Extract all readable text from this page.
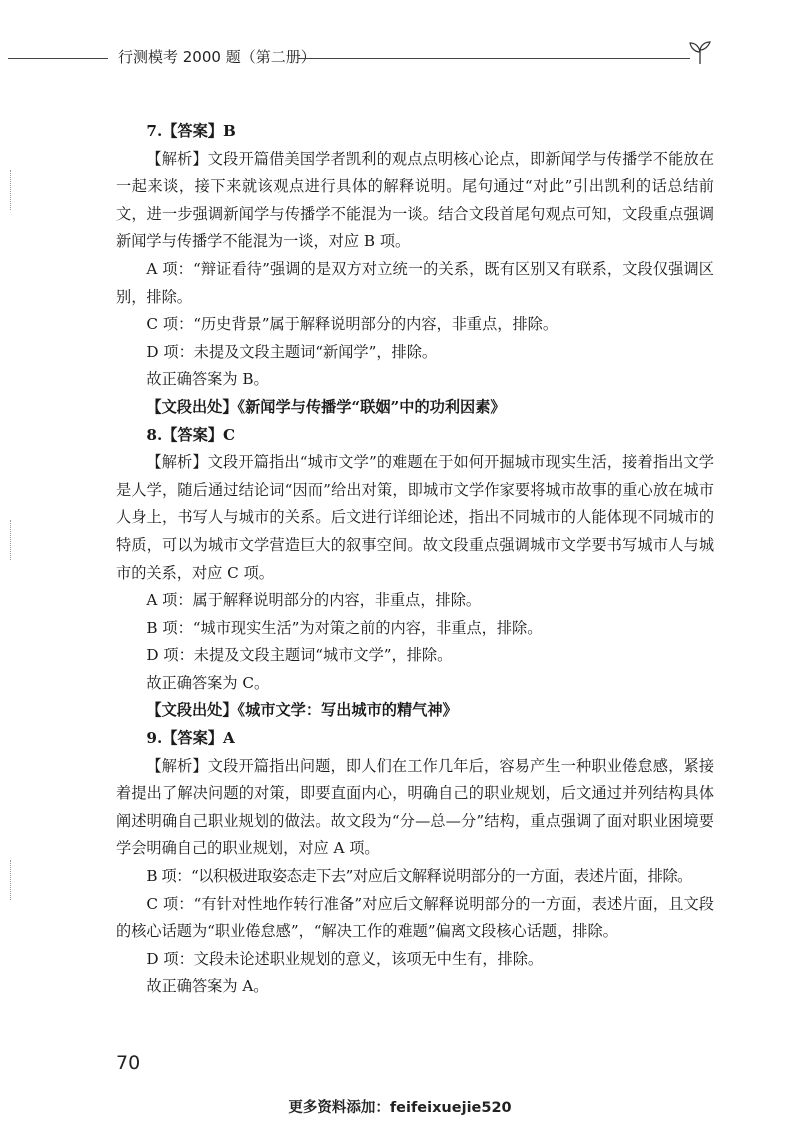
行测模考 2000 题（第二册）

7.【答案】B

【解析】文段开篇借美国学者凯利的观点点明核心论点，即新闻学与传播学不能放在一起来谈，接下来就该观点进行具体的解释说明。尾句通过“对此”引出凯利的话总结前文，进一步强调新闻学与传播学不能混为一谈。结合文段首尾句观点可知，文段重点强调新闻学与传播学不能混为一谈，对应 B 项。

A 项：“辩证看待”强调的是双方对立统一的关系，既有区别又有联系，文段仅强调区别，排除。

C 项：“历史背景”属于解释说明部分的内容，非重点，排除。

D 项：未提及文段主题词“新闻学”，排除。

故正确答案为 B。

【文段出处】《新闻学与传播学“联姻”中的功利因素》

8.【答案】C

【解析】文段开篇指出“城市文学”的难题在于如何开掘城市现实生活，接着指出文学是人学，随后通过结论词“因而”给出对策，即城市文学作家要将城市故事的重心放在城市人身上，书写人与城市的关系。后文进行详细论述，指出不同城市的人能体现不同城市的特质，可以为城市文学营造巨大的叙事空间。故文段重点强调城市文学要书写城市人与城市的关系，对应 C 项。

A 项：属于解释说明部分的内容，非重点，排除。

B 项：“城市现实生活”为对策之前的内容，非重点，排除。

D 项：未提及文段主题词“城市文学”，排除。

故正确答案为 C。

【文段出处】《城市文学：写出城市的精气神》

9.【答案】A

【解析】文段开篇指出问题，即人们在工作几年后，容易产生一种职业倦怠感，紧接着提出了解决问题的对策，即要直面内心，明确自己的职业规划，后文通过并列结构具体阐述明确自己职业规划的做法。故文段为“分—总—分”结构，重点强调了面对职业困境要学会明确自己的职业规划，对应 A 项。

B 项：“以积极进取姿态走下去”对应后文解释说明部分的一方面，表述片面，排除。

C 项：“有针对性地作转行准备”对应后文解释说明部分的一方面，表述片面，且文段的核心话题为“职业倦怠感”，“解决工作的难题”偏离文段核心话题，排除。

D 项：文段未论述职业规划的意义，该项无中生有，排除。

故正确答案为 A。

70
更多资料添加：feifeixuejie520
